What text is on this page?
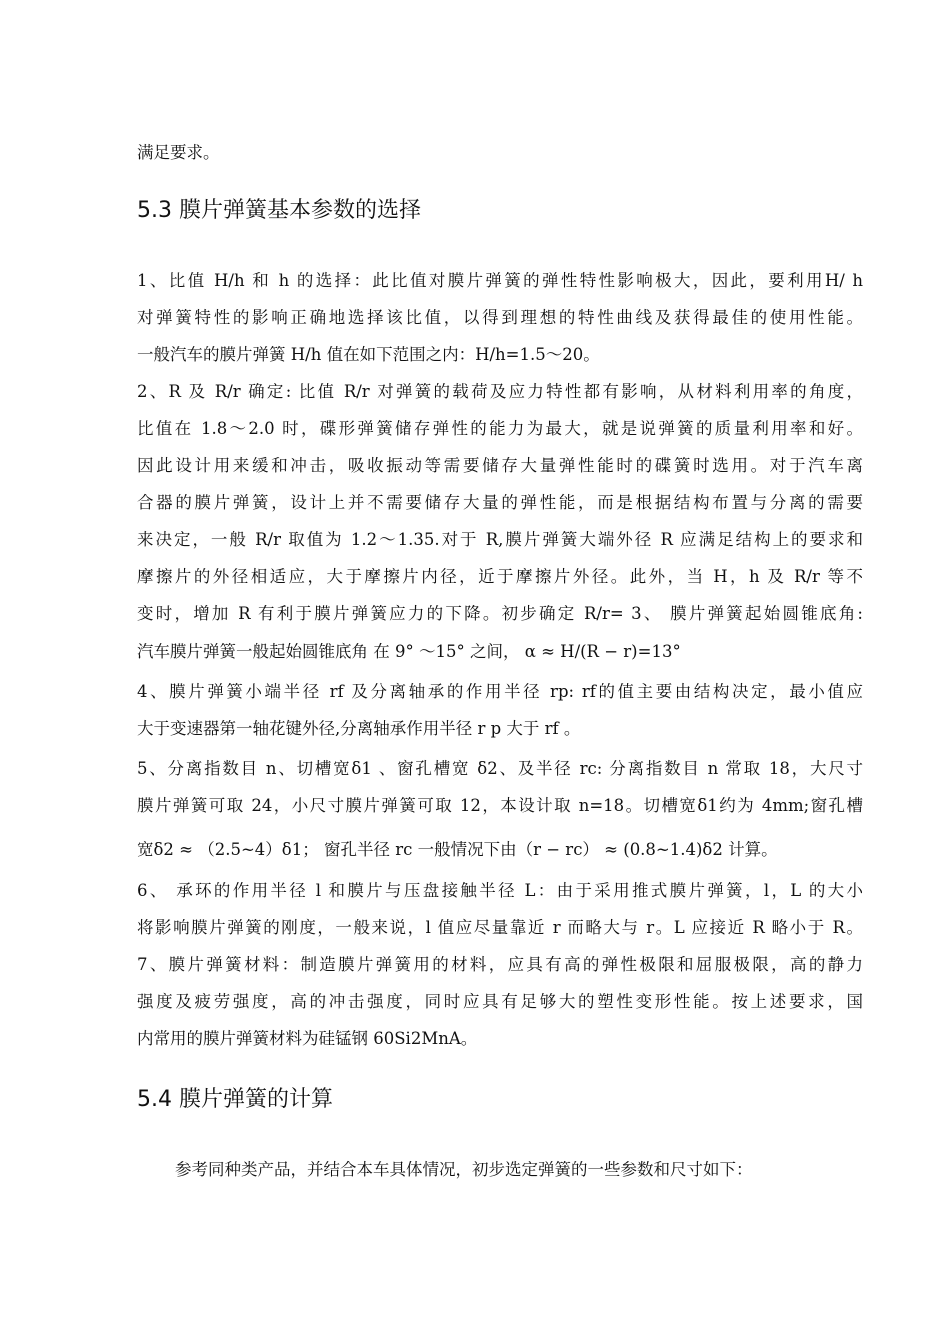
满足要求。
5.3 膜片弹簧基本参数的选择
1、比值 H/h 和 h 的选择：此比值对膜片弹簧的弹性特性影响极大，因此，要利用H/ h
对弹簧特性的影响正确地选择该比值，以得到理想的特性曲线及获得最佳的使用性能。
一般汽车的膜片弹簧 H/h 值在如下范围之内：H/h=1.5～20。
2、R 及 R/r 确定: 比值 R/r 对弹簧的载荷及应力特性都有影响，从材料利用率的角度，
比值在 1.8～2.0 时，碟形弹簧储存弹性的能力为最大，就是说弹簧的质量利用率和好。
因此设计用来缓和冲击，吸收振动等需要储存大量弹性能时的碟簧时选用。对于汽车离
合器的膜片弹簧，设计上并不需要储存大量的弹性能，而是根据结构布置与分离的需要
来决定，一般 R/r 取值为 1.2～1.35.对于 R,膜片弹簧大端外径 R 应满足结构上的要求和
摩擦片的外径相适应，大于摩擦片内径，近于摩擦片外径。此外，当 H，h 及 R/r 等不
变时，增加 R 有利于膜片弹簧应力的下降。初步确定 R/r= 3、 膜片弹簧起始圆锥底角:
汽车膜片弹簧一般起始圆锥底角 在 9° ～15° 之间， α ≈ H/(R − r)=13°
4、膜片弹簧小端半径 rf 及分离轴承的作用半径 rp: rf的值主要由结构决定，最小值应
大于变速器第一轴花键外径,分离轴承作用半径 r p 大于 rf 。
5、分离指数目 n、切槽宽δ1 、窗孔槽宽 δ2、及半径 rc: 分离指数目 n 常取 18，大尺寸
膜片弹簧可取 24，小尺寸膜片弹簧可取 12，本设计取 n=18。切槽宽δ1约为 4mm;窗孔槽
宽δ2 ≈ （2.5~4）δ1； 窗孔半径 rc 一般情况下由（r − rc） ≈ (0.8~1.4)δ2 计算。
6、 承环的作用半径 l 和膜片与压盘接触半径 L：由于采用推式膜片弹簧，l，L 的大小
将影响膜片弹簧的刚度，一般来说，l 值应尽量靠近 r 而略大与 r。L 应接近 R 略小于 R。
7、膜片弹簧材料：制造膜片弹簧用的材料，应具有高的弹性极限和屈服极限，高的静力
强度及疲劳强度，高的冲击强度，同时应具有足够大的塑性变形性能。按上述要求，国
内常用的膜片弹簧材料为硅锰钢 60Si2MnA。
5.4 膜片弹簧的计算
参考同种类产品，并结合本车具体情况，初步选定弹簧的一些参数和尺寸如下：
